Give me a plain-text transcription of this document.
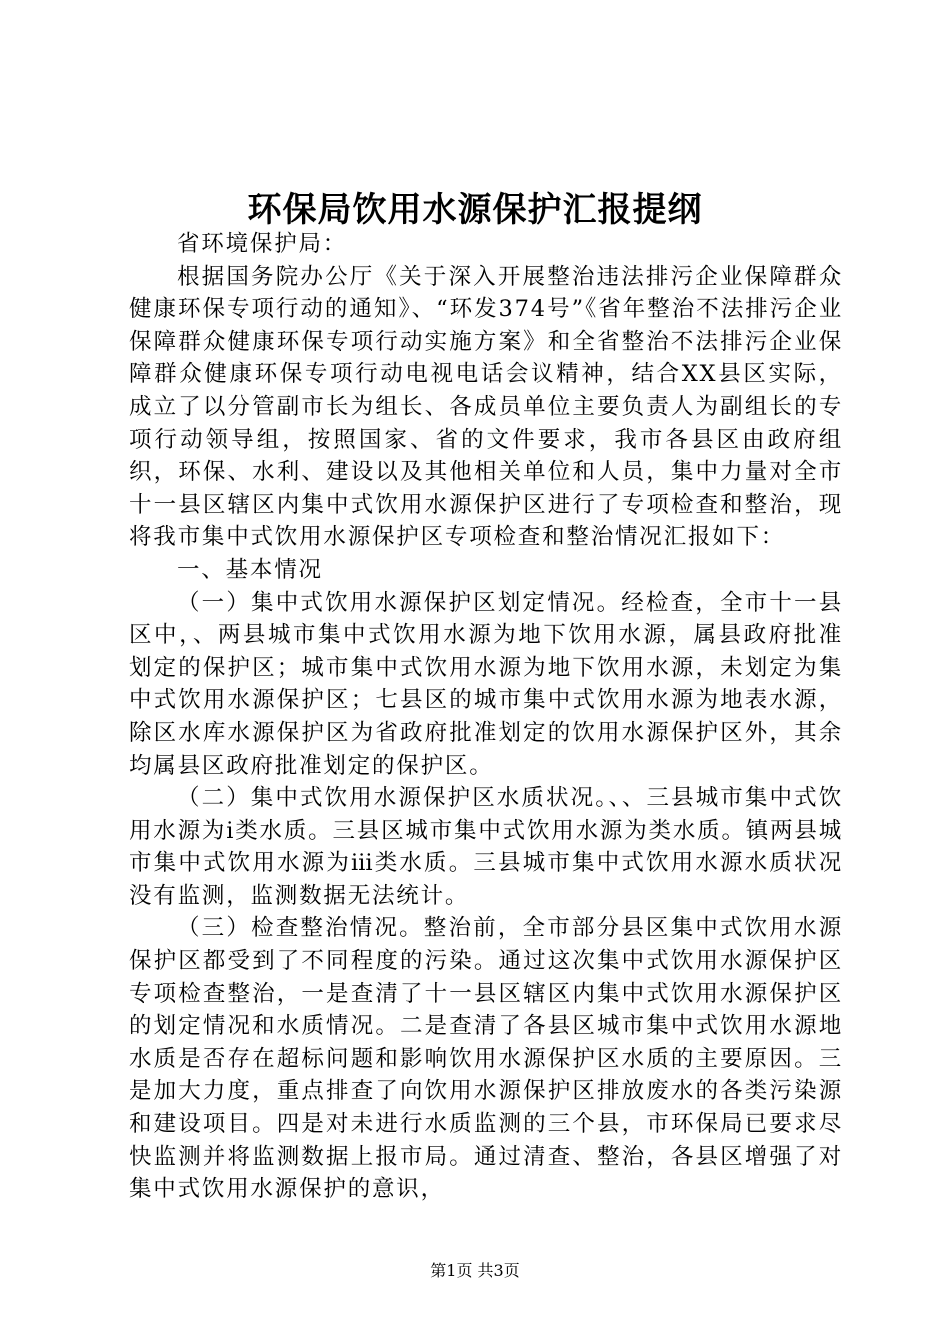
环保局饮用水源保护汇报提纲

省环境保护局：

根据国务院办公厅《关于深入开展整治违法排污企业保障群众健康环保专项行动的通知》、“环发374号”《省年整治不法排污企业保障群众健康环保专项行动实施方案》和全省整治不法排污企业保障群众健康环保专项行动电视电话会议精神，结合XX县区实际，成立了以分管副市长为组长、各成员单位主要负责人为副组长的专项行动领导组，按照国家、省的文件要求，我市各县区由政府组织，环保、水利、建设以及其他相关单位和人员，集中力量对全市十一县区辖区内集中式饮用水源保护区进行了专项检查和整治，现将我市集中式饮用水源保护区专项检查和整治情况汇报如下：

一、基本情况

（一）集中式饮用水源保护区划定情况。经检查，全市十一县区中，、两县城市集中式饮用水源为地下饮用水源，属县政府批准划定的保护区；城市集中式饮用水源为地下饮用水源，未划定为集中式饮用水源保护区；七县区的城市集中式饮用水源为地表水源，除区水库水源保护区为省政府批准划定的饮用水源保护区外，其余均属县区政府批准划定的保护区。

（二）集中式饮用水源保护区水质状况。、、三县城市集中式饮用水源为ⅰ类水质。三县区城市集中式饮用水源为类水质。镇两县城市集中式饮用水源为ⅲ类水质。三县城市集中式饮用水源水质状况没有监测，监测数据无法统计。

（三）检查整治情况。整治前，全市部分县区集中式饮用水源保护区都受到了不同程度的污染。通过这次集中式饮用水源保护区专项检查整治，一是查清了十一县区辖区内集中式饮用水源保护区的划定情况和水质情况。二是查清了各县区城市集中式饮用水源地水质是否存在超标问题和影响饮用水源保护区水质的主要原因。三是加大力度，重点排查了向饮用水源保护区排放废水的各类污染源和建设项目。四是对未进行水质监测的三个县，市环保局已要求尽快监测并将监测数据上报市局。通过清查、整治，各县区增强了对集中式饮用水源保护的意识，

第1页 共3页
